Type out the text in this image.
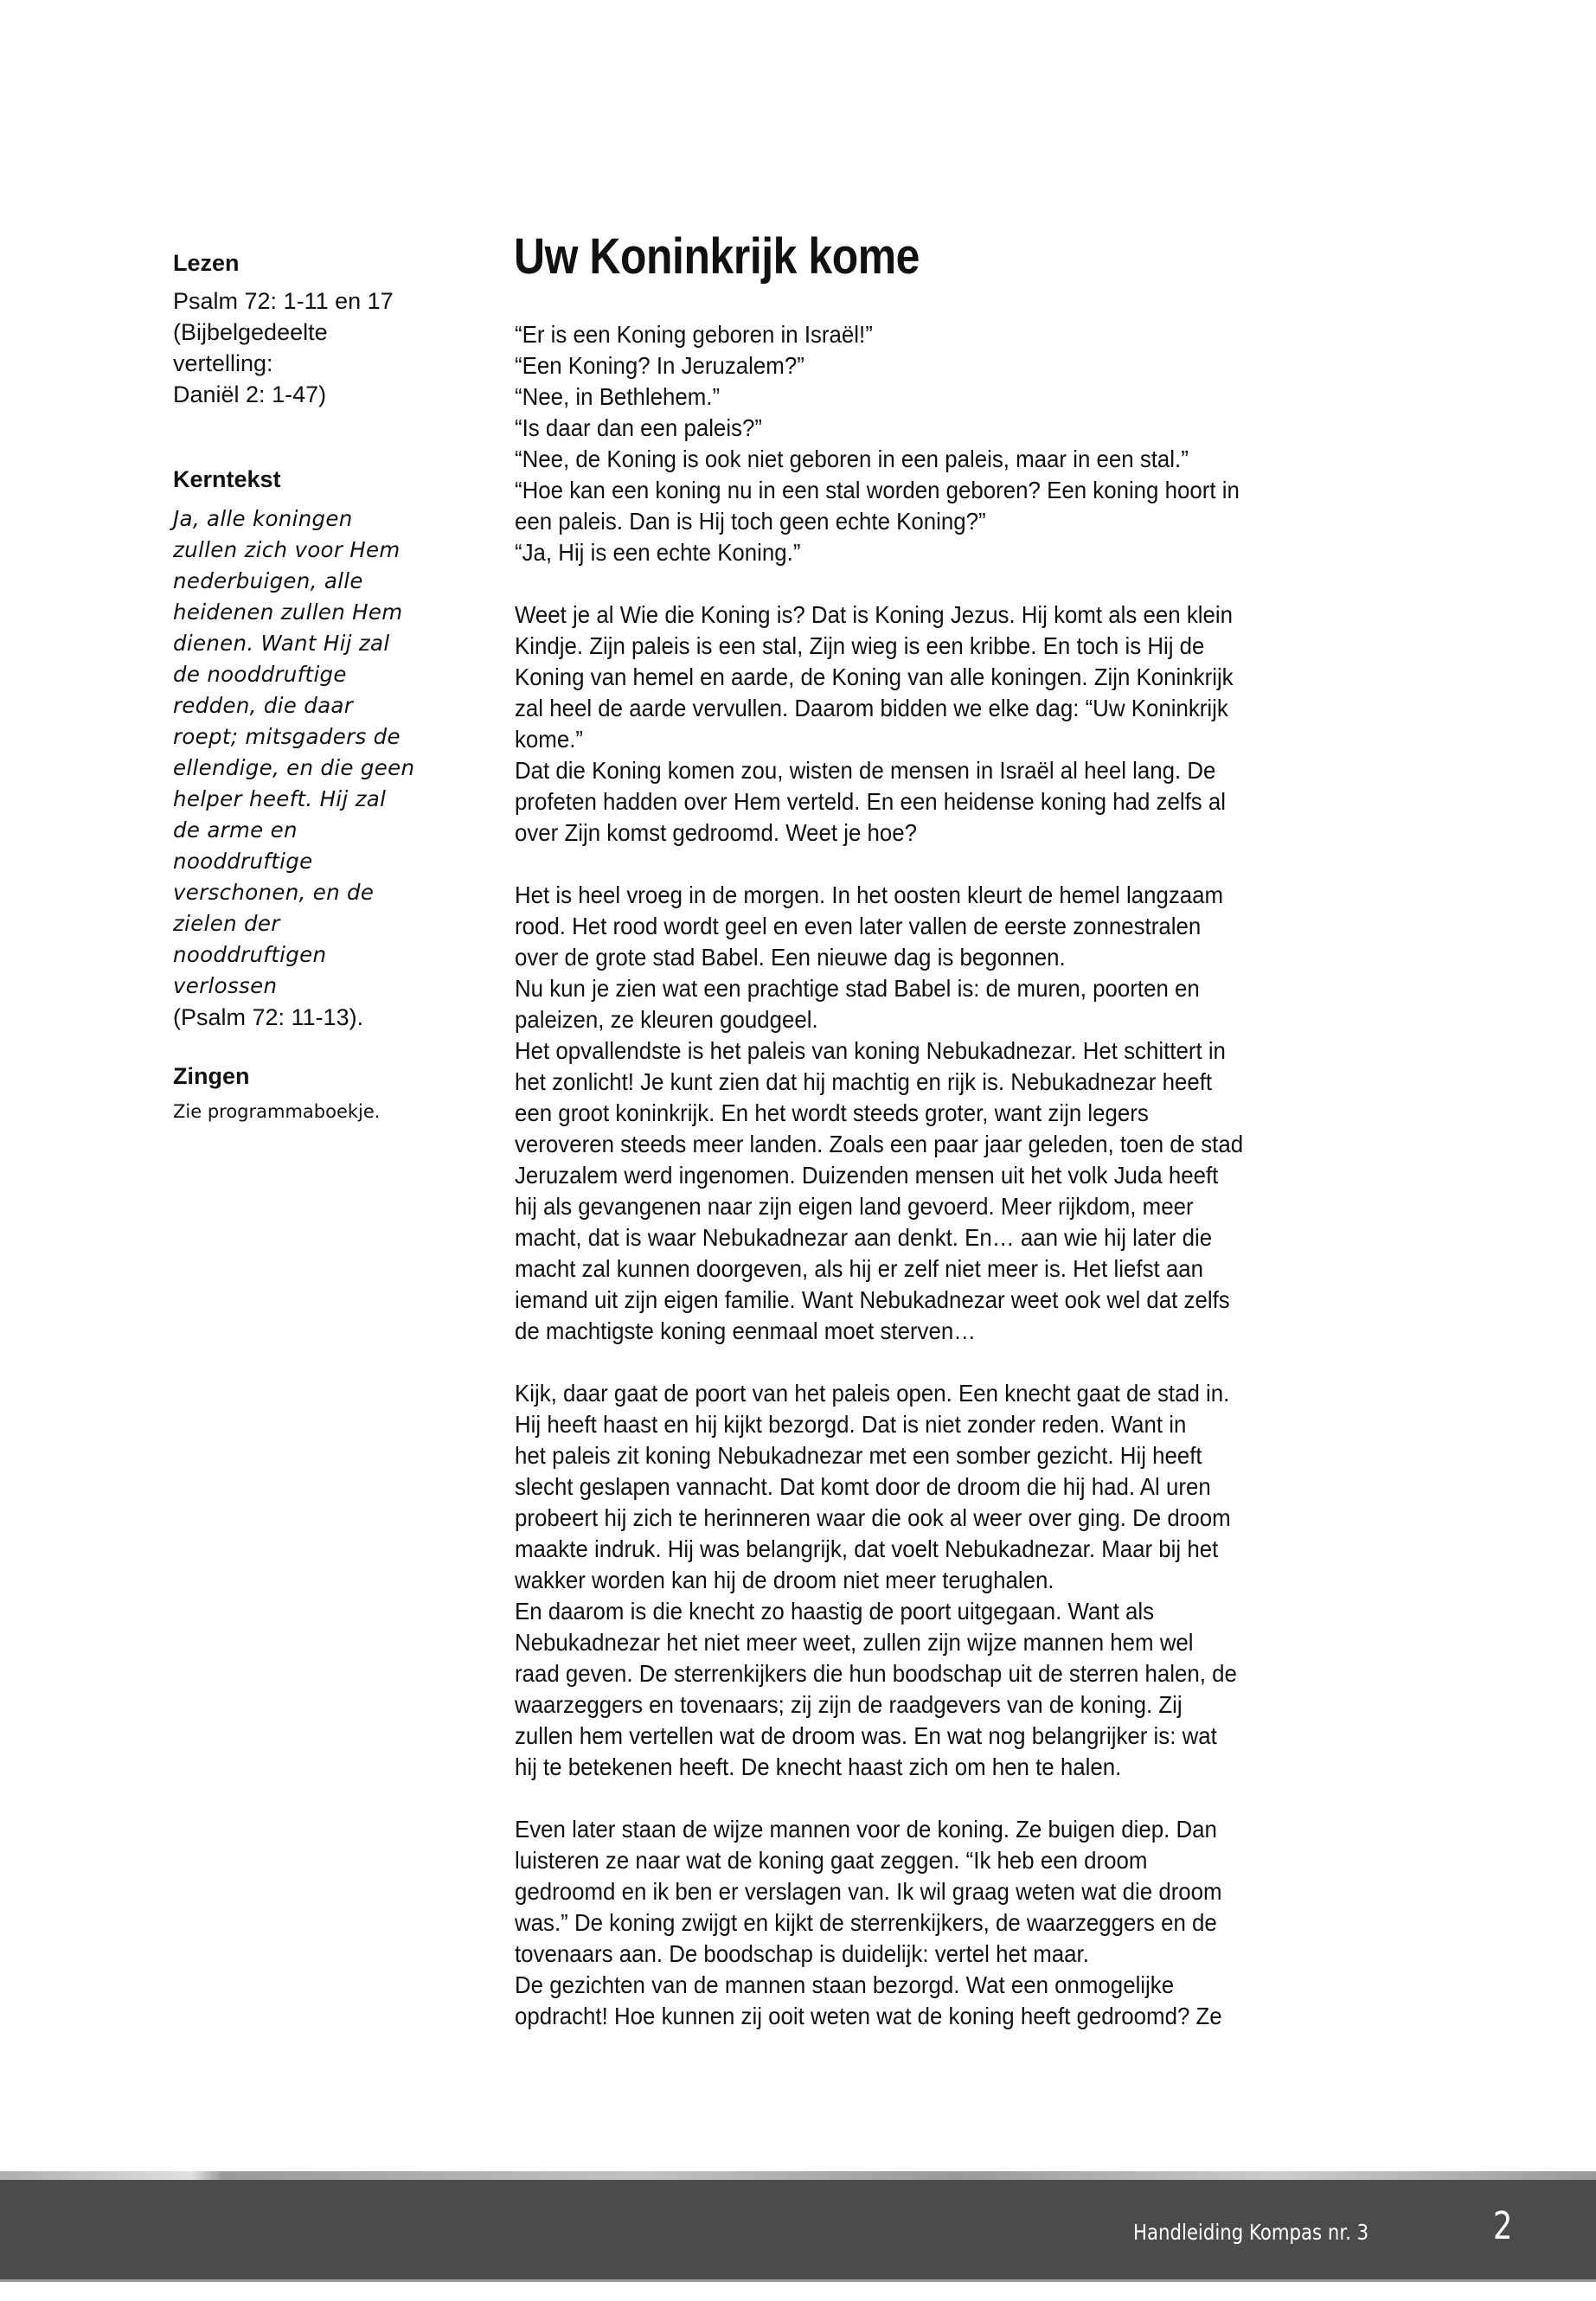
Lezen
Psalm 72: 1-11 en 17
(Bijbelgedeelte
vertelling:
Daniël 2: 1-47)
Kerntekst
Ja, alle koningen
zullen zich voor Hem
nederbuigen, alle
heidenen zullen Hem
dienen. Want Hij zal
de nooddruftige
redden, die daar
roept; mitsgaders de
ellendige, en die geen
helper heeft. Hij zal
de arme en
nooddruftige
verschonen, en de
zielen der
nooddruftigen
verlossen
(Psalm 72: 11-13).
Zingen
Zie programmaboekje.
Uw Koninkrijk kome
“Er is een Koning geboren in Israël!”
“Een Koning? In Jeruzalem?”
“Nee, in Bethlehem.”
“Is daar dan een paleis?”
“Nee, de Koning is ook niet geboren in een paleis, maar in een stal.”
“Hoe kan een koning nu in een stal worden geboren? Een koning hoort in
een paleis. Dan is Hij toch geen echte Koning?”
“Ja, Hij is een echte Koning.”
Weet je al Wie die Koning is? Dat is Koning Jezus. Hij komt als een klein
Kindje. Zijn paleis is een stal, Zijn wieg is een kribbe. En toch is Hij de
Koning van hemel en aarde, de Koning van alle koningen. Zijn Koninkrijk
zal heel de aarde vervullen. Daarom bidden we elke dag: “Uw Koninkrijk
kome.”
Dat die Koning komen zou, wisten de mensen in Israël al heel lang. De
profeten hadden over Hem verteld. En een heidense koning had zelfs al
over Zijn komst gedroomd. Weet je hoe?
Het is heel vroeg in de morgen. In het oosten kleurt de hemel langzaam
rood. Het rood wordt geel en even later vallen de eerste zonnestralen
over de grote stad Babel. Een nieuwe dag is begonnen.
Nu kun je zien wat een prachtige stad Babel is: de muren, poorten en
paleizen, ze kleuren goudgeel.
Het opvallendste is het paleis van koning Nebukadnezar. Het schittert in
het zonlicht! Je kunt zien dat hij machtig en rijk is. Nebukadnezar heeft
een groot koninkrijk. En het wordt steeds groter, want zijn legers
veroveren steeds meer landen. Zoals een paar jaar geleden, toen de stad
Jeruzalem werd ingenomen. Duizenden mensen uit het volk Juda heeft
hij als gevangenen naar zijn eigen land gevoerd. Meer rijkdom, meer
macht, dat is waar Nebukadnezar aan denkt. En… aan wie hij later die
macht zal kunnen doorgeven, als hij er zelf niet meer is. Het liefst aan
iemand uit zijn eigen familie. Want Nebukadnezar weet ook wel dat zelfs
de machtigste koning eenmaal moet sterven…
Kijk, daar gaat de poort van het paleis open. Een knecht gaat de stad in.
Hij heeft haast en hij kijkt bezorgd. Dat is niet zonder reden. Want in
het paleis zit koning Nebukadnezar met een somber gezicht. Hij heeft
slecht geslapen vannacht. Dat komt door de droom die hij had. Al uren
probeert hij zich te herinneren waar die ook al weer over ging. De droom
maakte indruk. Hij was belangrijk, dat voelt Nebukadnezar. Maar bij het
wakker worden kan hij de droom niet meer terughalen.
En daarom is die knecht zo haastig de poort uitgegaan. Want als
Nebukadnezar het niet meer weet, zullen zijn wijze mannen hem wel
raad geven. De sterrenkijkers die hun boodschap uit de sterren halen, de
waarzeggers en tovenaars; zij zijn de raadgevers van de koning. Zij
zullen hem vertellen wat de droom was. En wat nog belangrijker is: wat
hij te betekenen heeft. De knecht haast zich om hen te halen.
Even later staan de wijze mannen voor de koning. Ze buigen diep. Dan
luisteren ze naar wat de koning gaat zeggen. “Ik heb een droom
gedroomd en ik ben er verslagen van. Ik wil graag weten wat die droom
was.” De koning zwijgt en kijkt de sterrenkijkers, de waarzeggers en de
tovenaars aan. De boodschap is duidelijk: vertel het maar.
De gezichten van de mannen staan bezorgd. Wat een onmogelijke
opdracht! Hoe kunnen zij ooit weten wat de koning heeft gedroomd? Ze
Handleiding Kompas nr. 3	2
